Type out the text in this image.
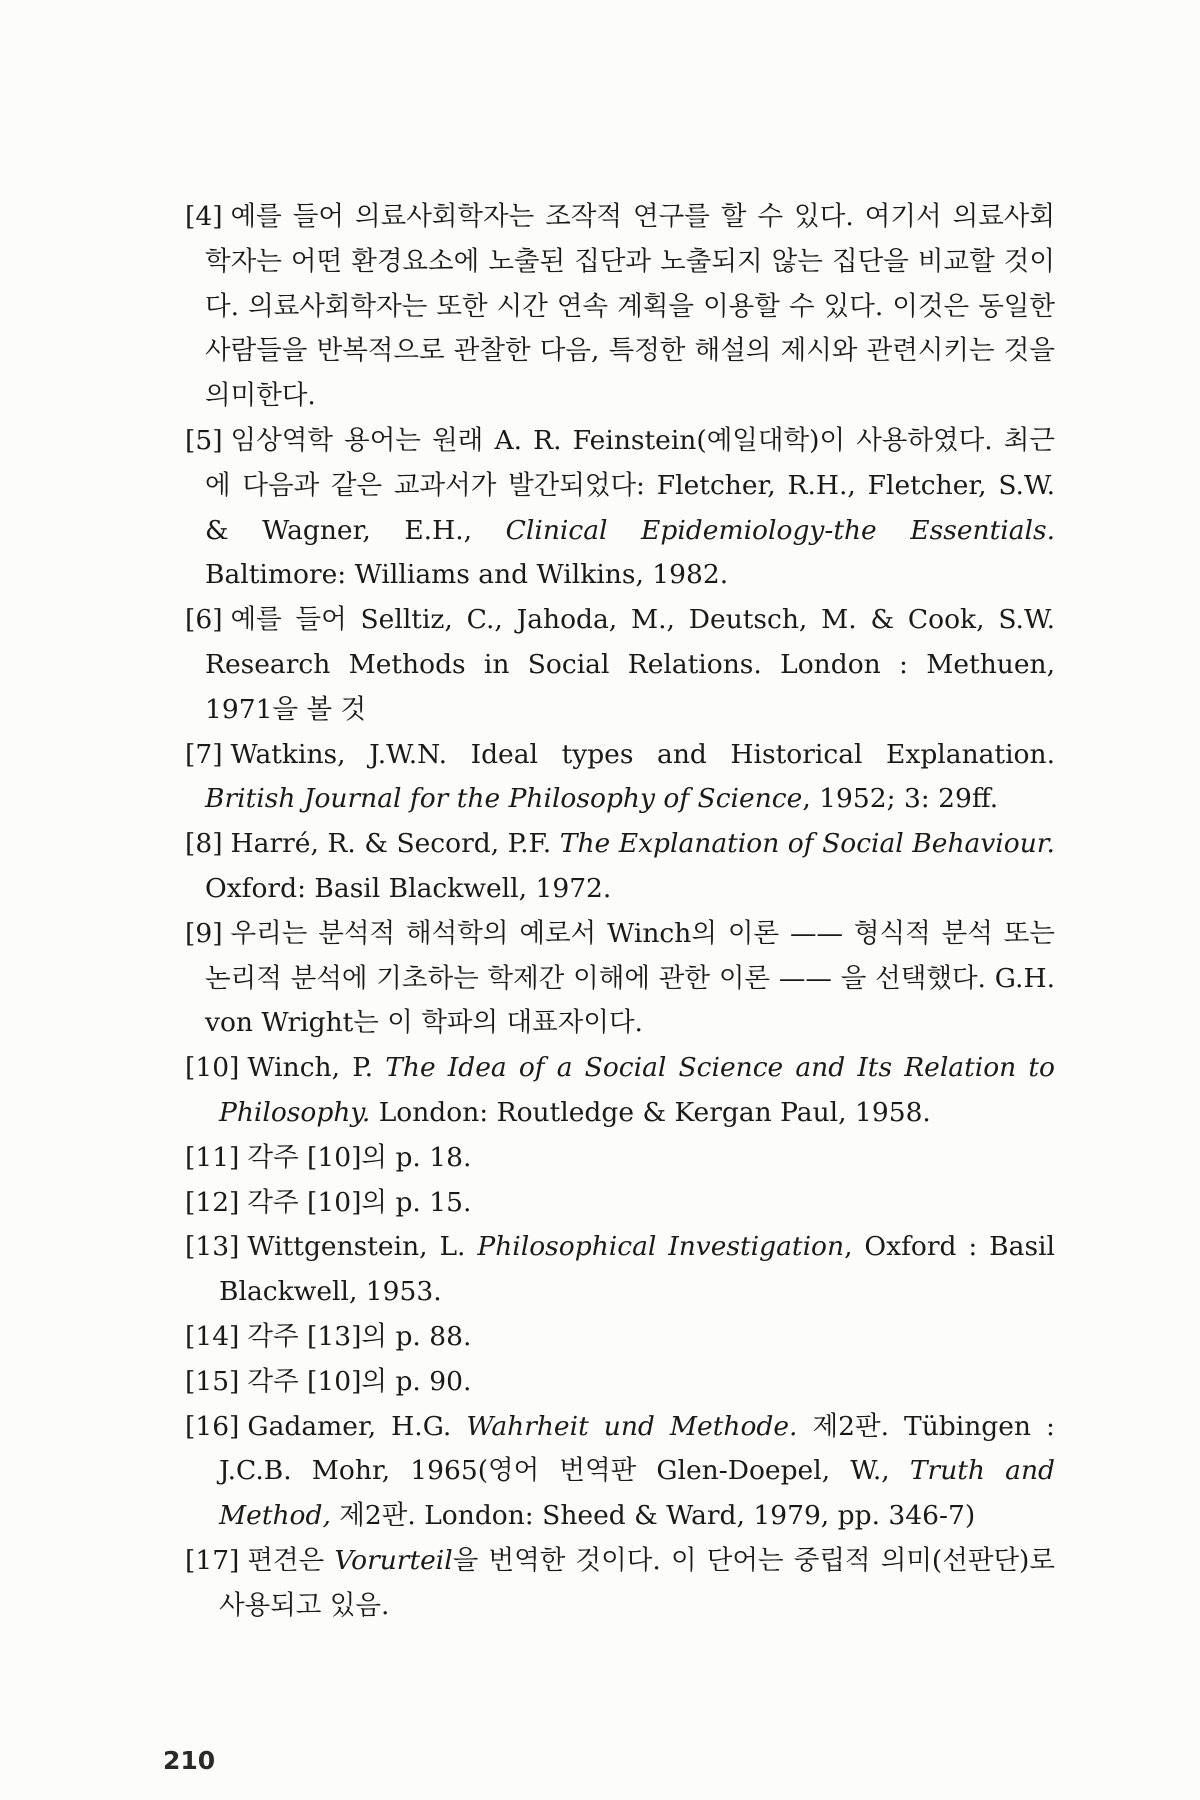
[4] 예를 들어 의료사회학자는 조작적 연구를 할 수 있다. 여기서 의료사회학자는 어떤 환경요소에 노출된 집단과 노출되지 않는 집단을 비교할 것이다. 의료사회학자는 또한 시간 연속 계획을 이용할 수 있다. 이것은 동일한 사람들을 반복적으로 관찰한 다음, 특정한 해설의 제시와 관련시키는 것을 의미한다.

[5] 임상역학 용어는 원래 A. R. Feinstein(예일대학)이 사용하였다. 최근에 다음과 같은 교과서가 발간되었다: Fletcher, R.H., Fletcher, S.W. & Wagner, E.H., Clinical Epidemiology-the Essentials. Baltimore: Williams and Wilkins, 1982.

[6] 예를 들어 Selltiz, C., Jahoda, M., Deutsch, M. & Cook, S.W. Research Methods in Social Relations. London : Methuen, 1971을 볼 것

[7] Watkins, J.W.N. Ideal types and Historical Explanation. British Journal for the Philosophy of Science, 1952; 3: 29ff.

[8] Harré, R. & Secord, P.F. The Explanation of Social Behaviour. Oxford: Basil Blackwell, 1972.

[9] 우리는 분석적 해석학의 예로서 Winch의 이론 —— 형식적 분석 또는 논리적 분석에 기초하는 학제간 이해에 관한 이론 —— 을 선택했다. G.H. von Wright는 이 학파의 대표자이다.

[10] Winch, P. The Idea of a Social Science and Its Relation to Philosophy. London: Routledge & Kergan Paul, 1958.

[11] 각주 [10]의 p. 18.

[12] 각주 [10]의 p. 15.

[13] Wittgenstein, L. Philosophical Investigation, Oxford : Basil Blackwell, 1953.

[14] 각주 [13]의 p. 88.

[15] 각주 [10]의 p. 90.

[16] Gadamer, H.G. Wahrheit und Methode. 제2판. Tübingen : J.C.B. Mohr, 1965(영어 번역판 Glen-Doepel, W., Truth and Method, 제2판. London: Sheed & Ward, 1979, pp. 346-7)

[17] 편견은 Vorurteil을 번역한 것이다. 이 단어는 중립적 의미(선판단)로 사용되고 있음.

210
